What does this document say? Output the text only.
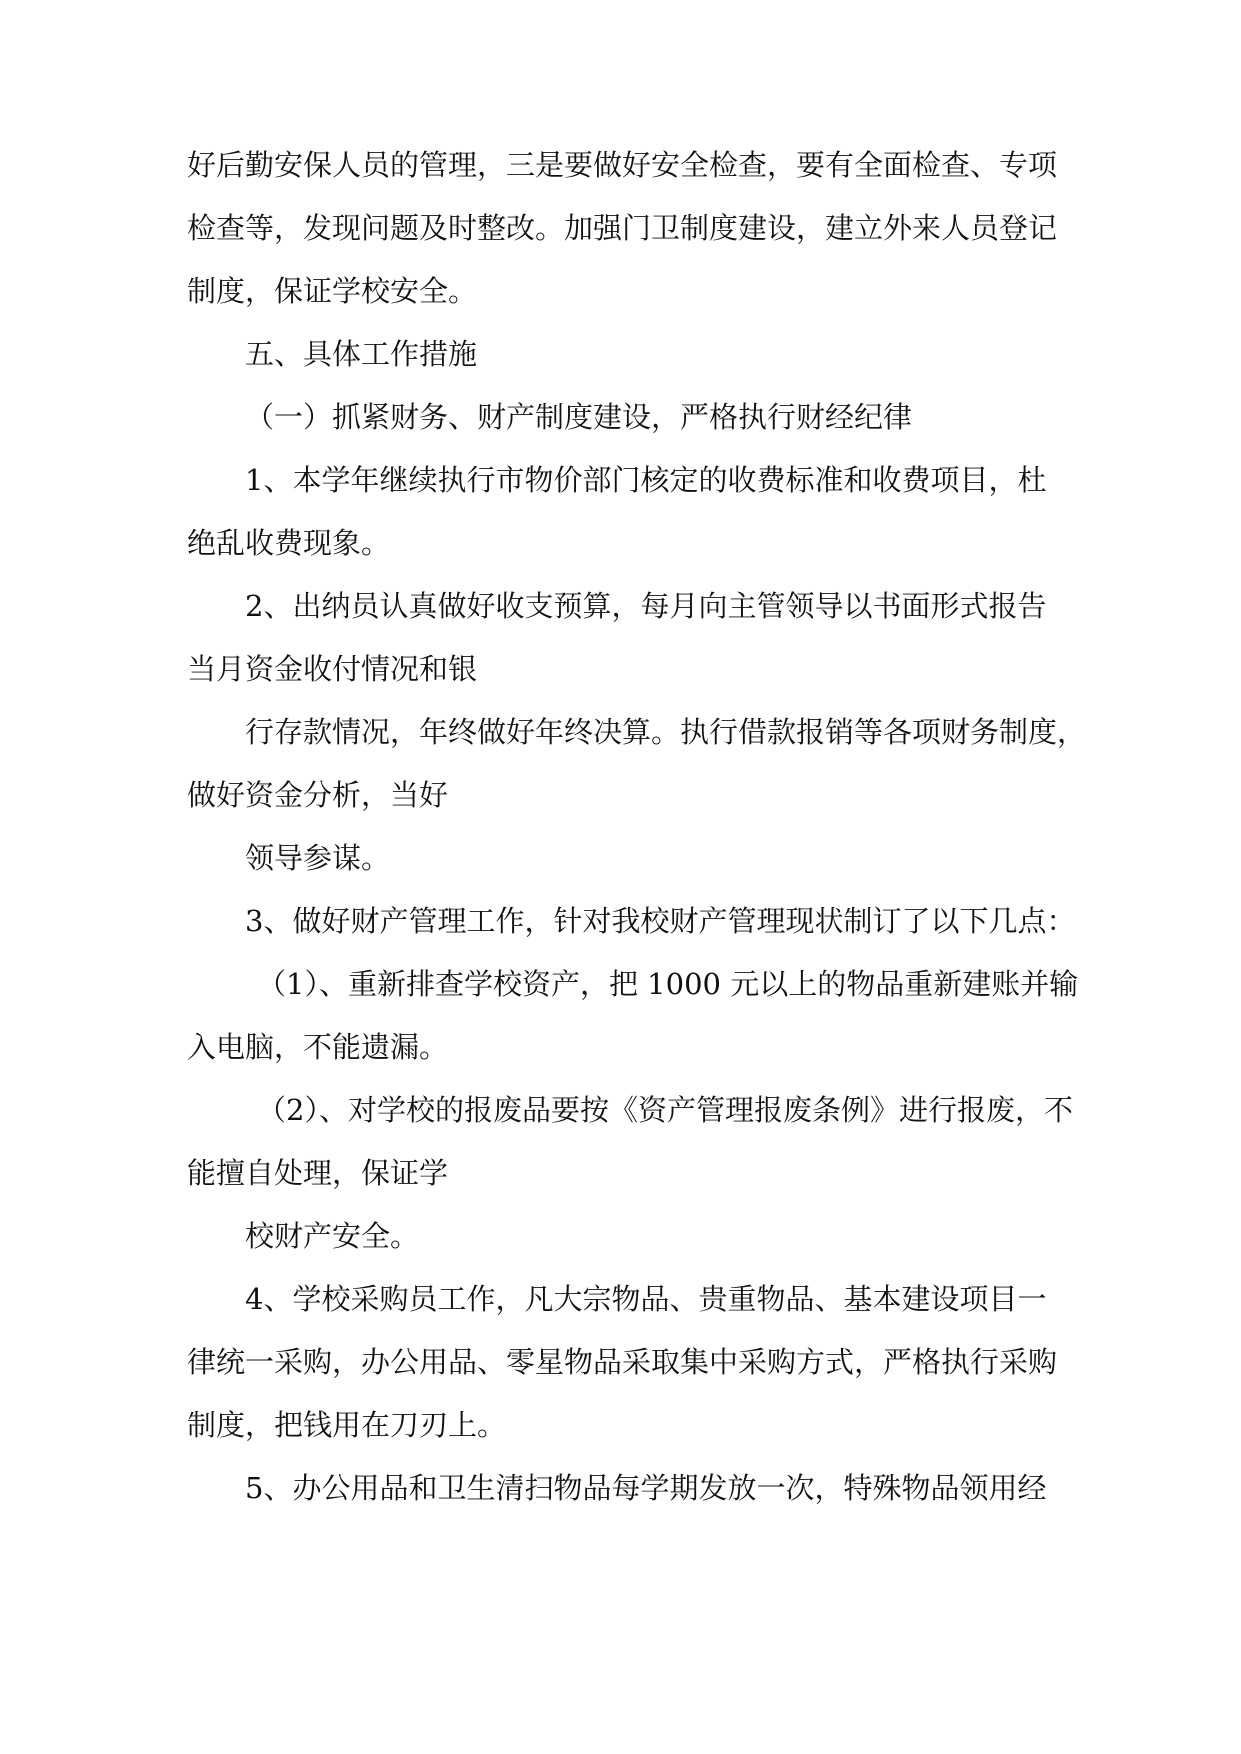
好后勤安保人员的管理，三是要做好安全检查，要有全面检查、专项

检查等，发现问题及时整改。加强门卫制度建设，建立外来人员登记

制度，保证学校安全。

五、具体工作措施

（一）抓紧财务、财产制度建设，严格执行财经纪律

1、本学年继续执行市物价部门核定的收费标准和收费项目，杜

绝乱收费现象。

2、出纳员认真做好收支预算，每月向主管领导以书面形式报告

当月资金收付情况和银

行存款情况，年终做好年终决算。执行借款报销等各项财务制度，

做好资金分析，当好

领导参谋。

3、做好财产管理工作，针对我校财产管理现状制订了以下几点：

（1）、重新排查学校资产，把 1000 元以上的物品重新建账并输

入电脑，不能遗漏。

（2）、对学校的报废品要按《资产管理报废条例》进行报废，不

能擅自处理，保证学

校财产安全。

4、学校采购员工作，凡大宗物品、贵重物品、基本建设项目一

律统一采购，办公用品、零星物品采取集中采购方式，严格执行采购

制度，把钱用在刀刃上。

5、办公用品和卫生清扫物品每学期发放一次，特殊物品领用经
